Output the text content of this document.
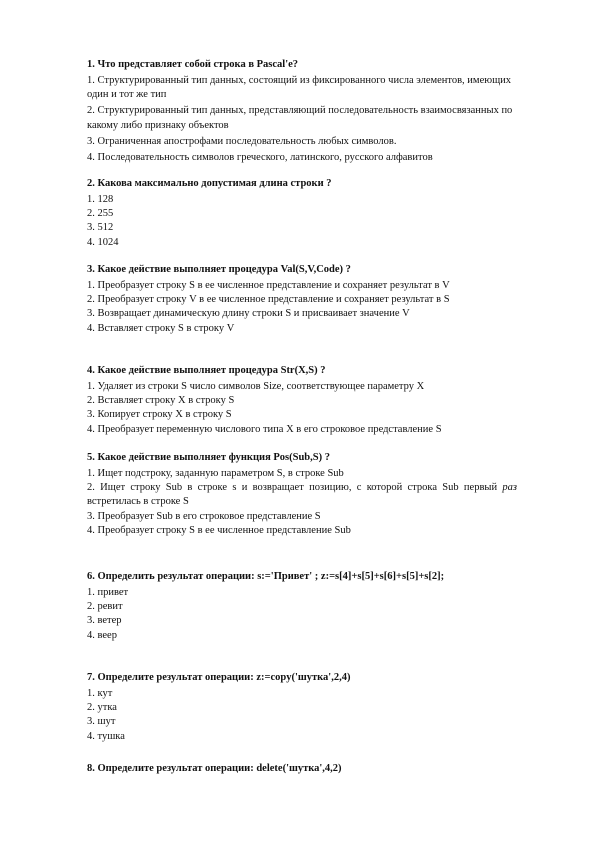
1. Что представляет собой строка в Pascal'e?
1. Структурированный тип данных, состоящий из фиксированного числа элементов, имеющих один и тот же тип
2. Структурированный тип данных, представляющий последовательность взаимосвязанных по какому либо признаку объектов
3. Ограниченная апострофами последовательность любых символов.
4. Последовательность символов греческого, латинского, русского алфавитов
2. Какова максимально допустимая длина строки ?
1. 128
2. 255
3. 512
4. 1024
3. Какое действие выполняет процедура Val(S,V,Code) ?
1. Преобразует строку S в ее численное представление и сохраняет результат в V
2. Преобразует строку V в ее численное представление и сохраняет результат в S
3. Возвращает динамическую длину строки S и присваивает значение V
4. Вставляет строку S в строку V
4. Какое действие выполняет процедура Str(X,S) ?
1. Удаляет из строки S число символов Size, соответствующее параметру X
2. Вставляет строку X в строку S
3. Копирует строку X в строку S
4. Преобразует переменную числового типа X в его строковое представление S
5. Какое действие выполняет функция Pos(Sub,S) ?
1. Ищет подстроку, заданную параметром S, в строке Sub
2. Ищет строку Sub в строке s и возвращает позицию, с которой строка Sub первый раз встретилась в строке S
3. Преобразует Sub в его строковое представление S
4. Преобразует строку S в ее численное представление Sub
6. Определить результат операции: s:='Привет' ; z:=s[4]+s[5]+s[6]+s[5]+s[2];
1. привет
2. ревит
3. ветер
4. веер
7. Определите результат операции: z:=copy('шутка',2,4)
1. кут
2. утка
3. шут
4. тушка
8. Определите результат операции: delete('шутка',4,2)
